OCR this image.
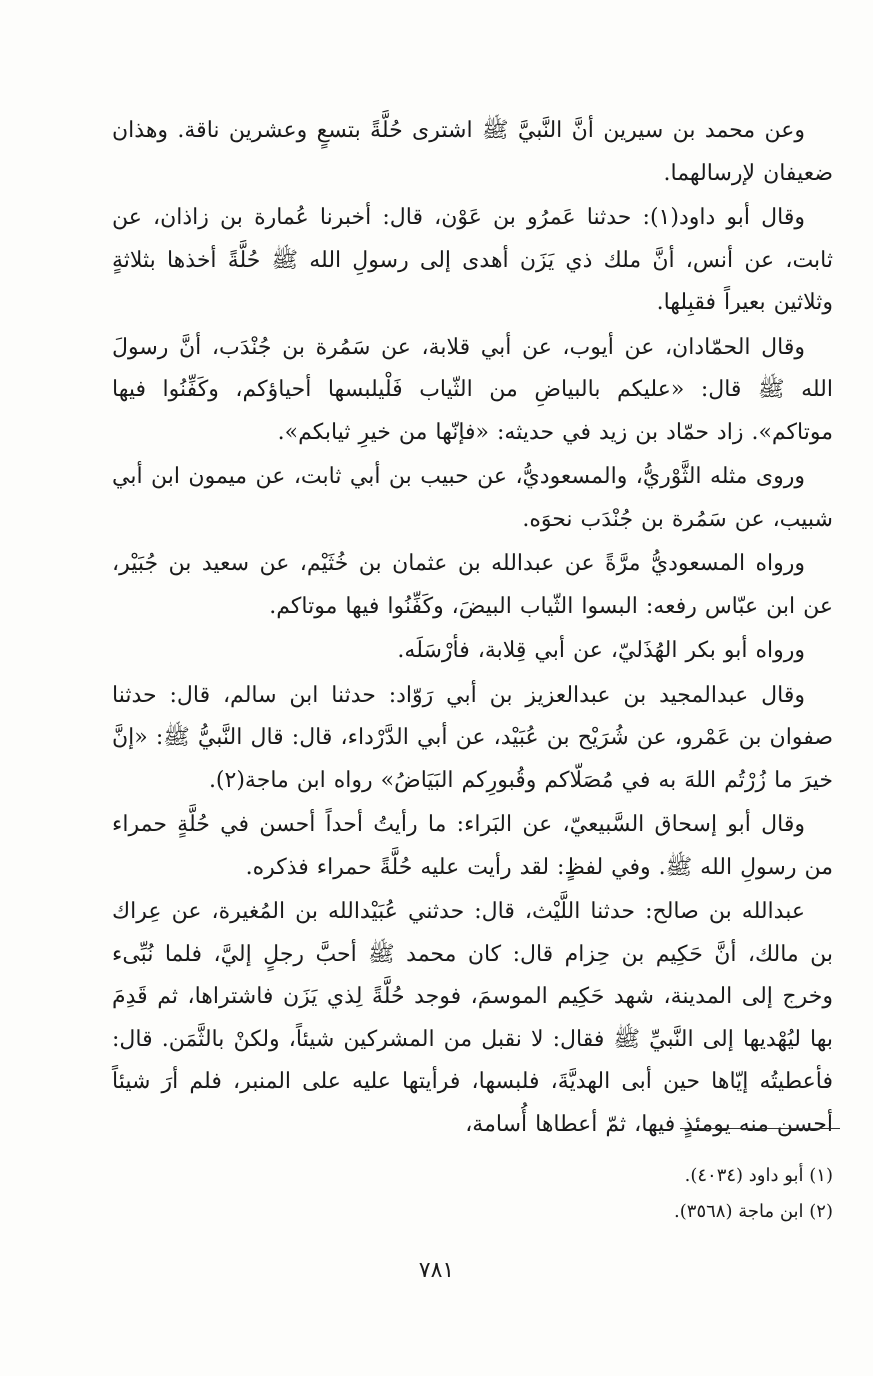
وعن محمد بن سيرين أنَّ النَّبيَّ ﷺ اشترى حُلَّةً بتسعٍ وعشرين ناقة. وهذان ضعيفان لإرسالهما.

وقال أبو داود(١): حدثنا عَمرُو بن عَوْن، قال: أخبرنا عُمارة بن زاذان، عن ثابت، عن أنس، أنَّ ملك ذي يَزَن أهدى إلى رسولِ الله ﷺ حُلَّةً أخذها بثلاثةٍ وثلاثين بعيراً فقبِلها.

وقال الحمّادان، عن أيوب، عن أبي قلابة، عن سَمُرة بن جُنْدَب، أنَّ رسولَ الله ﷺ قال: «عليكم بالبياضِ من الثّياب فَلْيلبسها أحياؤكم، وكَفِّنُوا فيها موتاكم». زاد حمّاد بن زيد في حديثه: «فإنّها من خيرِ ثيابكم».

وروى مثله الثَّوْريُّ، والمسعوديُّ، عن حبيب بن أبي ثابت، عن ميمون ابن أبي شبيب، عن سَمُرة بن جُنْدَب نحوَه.

ورواه المسعوديُّ مرَّةً عن عبدالله بن عثمان بن خُثَيْم، عن سعيد بن جُبَيْر، عن ابن عبّاس رفعه: البسوا الثّياب البيضَ، وكَفِّنُوا فيها موتاكم.

ورواه أبو بكر الهُذَليّ، عن أبي قِلابة، فأرْسَلَه.

وقال عبدالمجيد بن عبدالعزيز بن أبي رَوّاد: حدثنا ابن سالم، قال: حدثنا صفوان بن عَمْرو، عن شُرَيْح بن عُبَيْد، عن أبي الدَّرْداء، قال: قال النَّبيُّ ﷺ: «إنَّ خيرَ ما زُرْتُم اللهَ به في مُصَلّاكم وقُبورِكم البَيَاضُ» رواه ابن ماجة(٢).

وقال أبو إسحاق السَّبيعيّ، عن البَراء: ما رأيتُ أحداً أحسن في حُلَّةٍ حمراء من رسولِ الله ﷺ. وفي لفظٍ: لقد رأيت عليه حُلَّةً حمراء فذكره.

عبدالله بن صالح: حدثنا اللَّيْث، قال: حدثني عُبَيْدالله بن المُغيرة، عن عِراك بن مالك، أنَّ حَكِيم بن حِزام قال: كان محمد ﷺ أحبَّ رجلٍ إليَّ، فلما نُبِّىء وخرج إلى المدينة، شهد حَكِيم الموسمَ، فوجد حُلَّةً لِذي يَزَن فاشتراها، ثم قَدِمَ بها ليُهْديها إلى النَّبيِّ ﷺ فقال: لا نقبل من المشركين شيئاً، ولكنْ بالثَّمَن. قال: فأعطيتُه إيّاها حين أبى الهديَّةَ، فلبسها، فرأيتها عليه على المنبر، فلم أرَ شيئاً أحسن منه يومئذٍ فيها، ثمّ أعطاها أُسامة،

(١) أبو داود (٤٠٣٤).
(٢) ابن ماجة (٣٥٦٨).
٧٨١
